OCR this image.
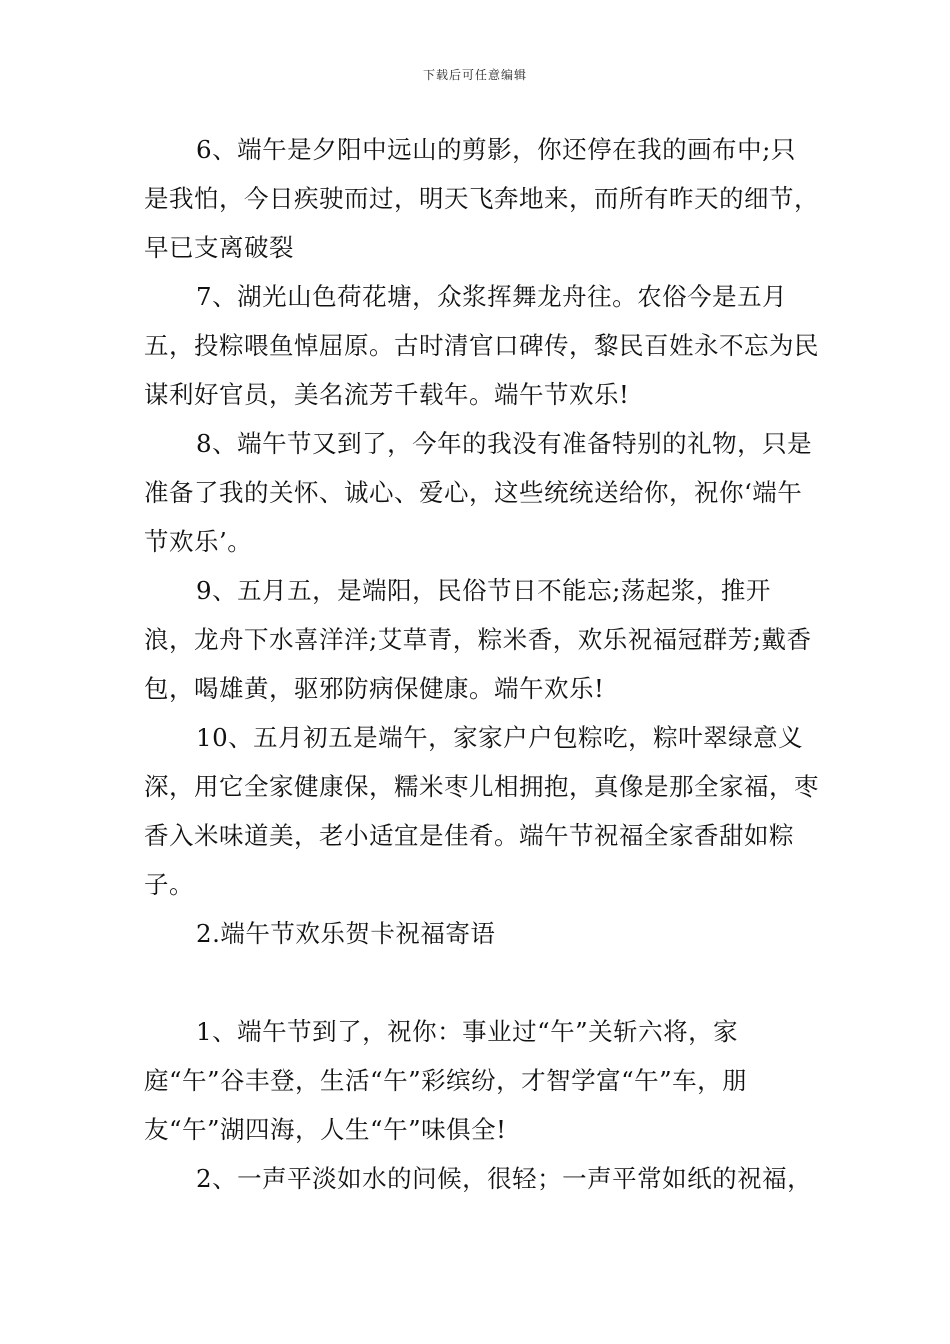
下载后可任意编辑

6、端午是夕阳中远山的剪影，你还停在我的画布中;只是我怕，今日疾驶而过，明天飞奔地来，而所有昨天的细节，早已支离破裂

7、湖光山色荷花塘，众浆挥舞龙舟往。农俗今是五月五，投粽喂鱼悼屈原。古时清官口碑传，黎民百姓永不忘为民谋利好官员，美名流芳千载年。端午节欢乐!

8、端午节又到了，今年的我没有准备特别的礼物，只是准备了我的关怀、诚心、爱心，这些统统送给你，祝你‘端午节欢乐’。

9、五月五，是端阳，民俗节日不能忘;荡起浆，推开浪，龙舟下水喜洋洋;艾草青，粽米香，欢乐祝福冠群芳;戴香包，喝雄黄，驱邪防病保健康。端午欢乐!

10、五月初五是端午，家家户户包粽吃，粽叶翠绿意义深，用它全家健康保，糯米枣儿相拥抱，真像是那全家福，枣香入米味道美，老小适宜是佳肴。端午节祝福全家香甜如粽子。

2.端午节欢乐贺卡祝福寄语

1、端午节到了，祝你：事业过“午”关斩六将，家庭“午”谷丰登，生活“午”彩缤纷，才智学富“午”车，朋友“午”湖四海，人生“午”味俱全!

2、一声平淡如水的问候，很轻；一声平常如纸的祝福，
